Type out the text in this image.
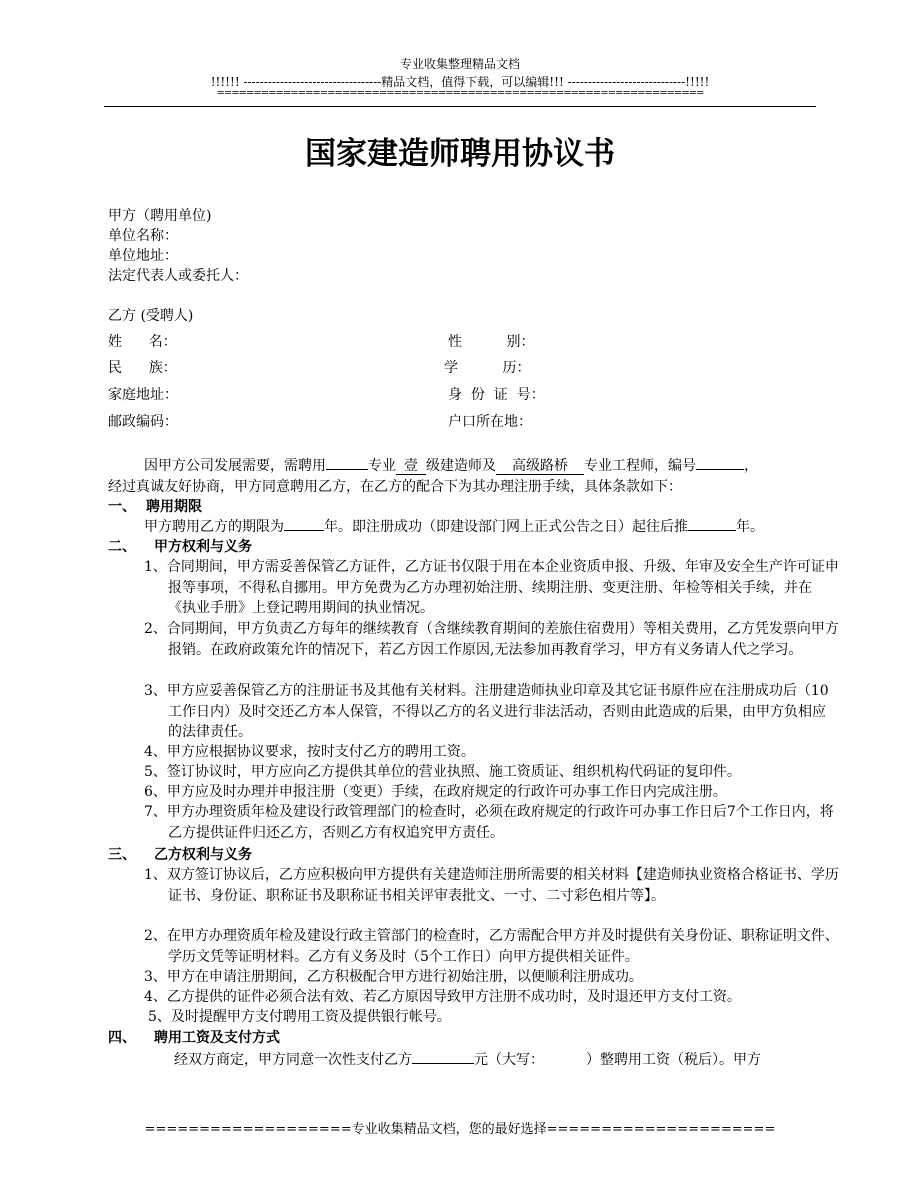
专业收集整理精品文档
!!!!!! ----------------------------------精品文档，值得下载，可以编辑!!! -----------------------------!!!!!
==================================================================
国家建造师聘用协议书
甲方（聘用单位)
单位名称：
单位地址：
法定代表人或委托人：
乙方 (受聘人)
姓      名：	性          别：
民      族：	学          历：
家庭地址：	身  份  证  号：
邮政编码：	户口所在地：
因甲方公司发展需要，需聘用	专业 壹 级建造师及 高级路桥 专业工程师，编号	，
经过真诚友好协商，甲方同意聘用乙方，在乙方的配合下为其办理注册手续，具体条款如下：
一、 聘用期限
甲方聘用乙方的期限为	年。即注册成功（即建设部门网上正式公告之日）起往后推	年。
二、 甲方权利与义务
1、合同期间，甲方需妥善保管乙方证件，乙方证书仅限于用在本企业资质申报、升级、年审及安全生产许可证申报等事项，不得私自挪用。甲方免费为乙方办理初始注册、续期注册、变更注册、年检等相关手续，并在《执业手册》上登记聘用期间的执业情况。
2、合同期间，甲方负责乙方每年的继续教育（含继续教育期间的差旅住宿费用）等相关费用，乙方凭发票向甲方报销。在政府政策允许的情况下，若乙方因工作原因,无法参加再教育学习，甲方有义务请人代之学习。
3、甲方应妥善保管乙方的注册证书及其他有关材料。注册建造师执业印章及其它证书原件应在注册成功后（10工作日内）及时交还乙方本人保管，不得以乙方的名义进行非法活动，否则由此造成的后果，由甲方负相应的法律责任。
4、甲方应根据协议要求，按时支付乙方的聘用工资。
5、签订协议时，甲方应向乙方提供其单位的营业执照、施工资质证、组织机构代码证的复印件。
6、甲方应及时办理并申报注册（变更）手续，在政府规定的行政许可办事工作日内完成注册。
7、甲方办理资质年检及建设行政管理部门的检查时，必须在政府规定的行政许可办事工作日后7个工作日内，将乙方提供证件归还乙方，否则乙方有权追究甲方责任。
三、 乙方权利与义务
1、双方签订协议后，乙方应积极向甲方提供有关建造师注册所需要的相关材料【建造师执业资格合格证书、学历证书、身份证、职称证书及职称证书相关评审表批文、一寸、二寸彩色相片等】。
2、在甲方办理资质年检及建设行政主管部门的检查时，乙方需配合甲方并及时提供有关身份证、职称证明文件、学历文凭等证明材料。乙方有义务及时（5个工作日）向甲方提供相关证件。
3、甲方在申请注册期间，乙方积极配合甲方进行初始注册，以便顺利注册成功。
4、乙方提供的证件必须合法有效、若乙方原因导致甲方注册不成功时，及时退还甲方支付工资。
5、及时提醒甲方支付聘用工资及提供银行帐号。
四、 聘用工资及支付方式
经双方商定，甲方同意一次性支付乙方	元（大写：	）整聘用工资（税后）。甲方
===================专业收集精品文档，您的最好选择=====================
